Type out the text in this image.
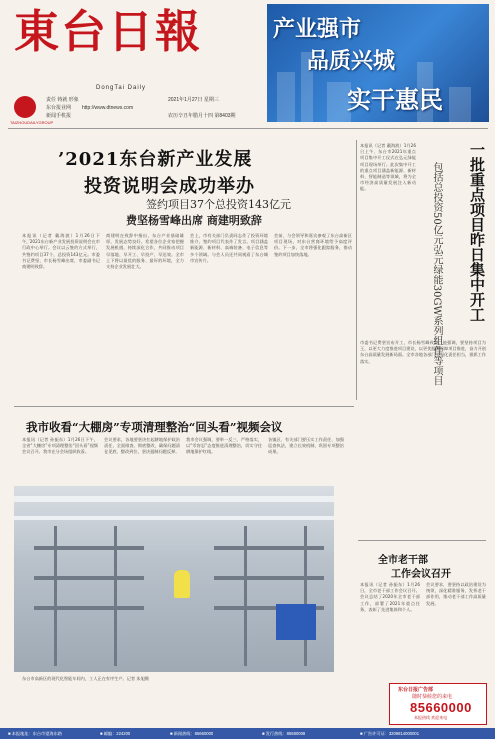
東台日報
DongTai Daily
TAIZHOUDAILYGROUP
责任 铸就 形象
东台报业网 http://www.dtnews.com
新闻手机报
2021年1月27日 星期三
农历辛丑年腊月十四 第8403期
产业强市
品质兴城
实干惠民
’2021东台新产业发展
投资说明会成功举办
签约项目37个总投资143亿元
费坚杨雪峰出席 商建明致辞
本报讯（记者 戴海波）1月26日下午，’2021东台新产业发展投资说明会在市行政中心举行。会议以云签约方式举行，共签约项目37个，总投资143亿元。市委书记费坚、市长杨雪峰出席，市委副书记商建明致辞。
商建明在致辞中指出，东台产业基础雄厚，发展态势良好。希望各位企业家把握发展机遇，持续深化合作，共同推动项目早落地、早开工、早投产、早达效。全市上下将以最优的服务、最好的环境，全力支持企业发展壮大。
会上，市有关部门负责同志作了投资环境推介，签约项目代表作了发言。项目涵盖新能源、新材料、高端装备、电子信息等多个领域。与会人员还共同观看了东台城市宣传片。
会前，与会领导和嘉宾参观了东台高新区项目现场，对东台营商环境给予高度评价。下一步，全市将强化跟踪服务，推动签约项目加快落地。
本报讯（记者 戴海波）1月26日上午，东台市2021年重点项目集中开工仪式在弘元绿能项目现场举行。此次集中开工的重点项目涵盖新能源、新材料、智能制造等领域，将为全市经济高质量发展注入新动能。	包括总投资50亿元弘元绿能30GW系列组件等项目	一批重点项目昨日集中开工
市委书记费坚宣布开工，市长杨雪峰致辞。他强调，要坚持项目为王，以更大力度推进项目建设，以更优服务保障项目推进，奋力开创东台高质量发展新局面。全市各地各部门要强化责任担当，狠抓工作落实。
我市收看“大棚房”专项清理整治“回头看”视频会议
本报讯（记者 孙振东）1月26日下午，全省“大棚房”专项清理整治“回头看”视频会议召开。我市在分会场组织收看。
会议要求，各地要坚决扛起耕地保护政治责任，全面排查、彻底整改，确保问题清仓见底、整改到位，坚决遏制问题反弹。
我市会议强调，要举一反三、严格落实，以“零容忍”态度推进清理整治，切实守住耕地保护红线。
各镇区、有关部门要压实工作责任，加强巡查执法，建立长效机制，巩固专项整治成果。
东台市高新区的现代化智能车间内，工人正在有序生产。记者 朱旭摄
全市老干部
工作会议召开
本报讯（记者 孙振东）1月26日，全市老干部工作会议召开。会议总结了2020年全市老干部工作，部署了2021年重点任务，表彰了先进集体和个人。
会议要求，要坚持以政治建设为统领，深化精准服务，发挥老干部作用，推动老干部工作高质量发展。
东台日报广告部
随时恭候您的来电
85660000
本报热线 欢迎来电
■ 本报地址：东台市望海东路	■ 邮编：224200	■ 新闻热线：85660000	■ 发行热线：85680008	■ 广告许可证：3209814000001
